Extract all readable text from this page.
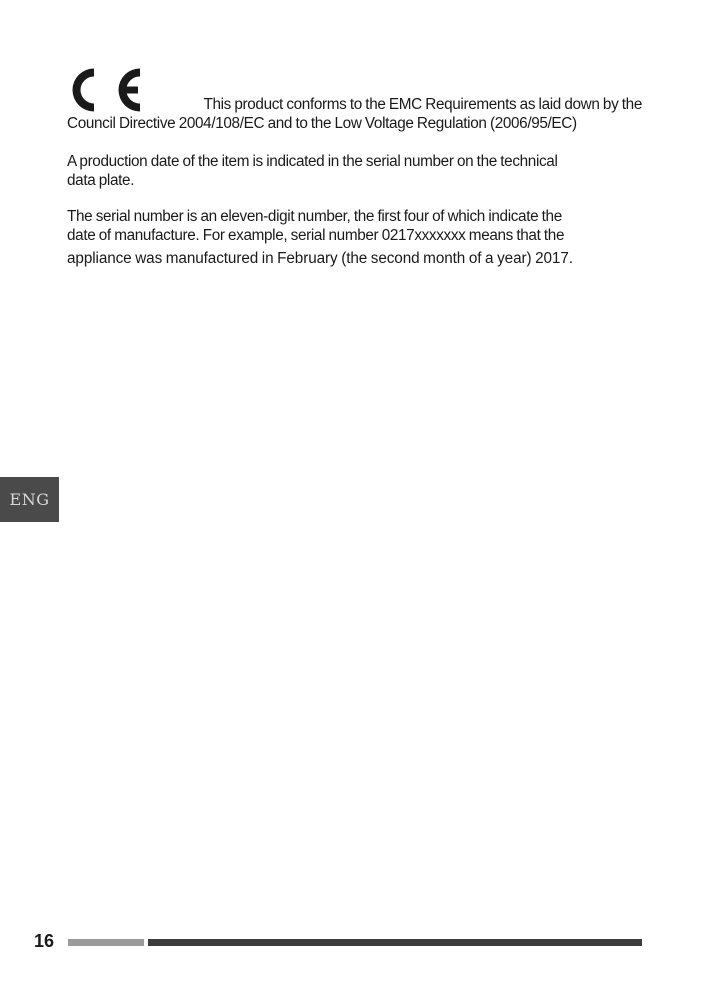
This product conforms to the EMC Requirements as laid down by the
Council Directive 2004/108/EC and to the Low Voltage Regulation (2006/95/EC)

A production date of the item is indicated in the serial number on the technical
data plate.

The serial number is an eleven-digit number, the first four of which indicate the
date of manufacture. For example, serial number 0217xxxxxxx means that the
appliance was manufactured in February (the second month of a year) 2017.

ENG
16
